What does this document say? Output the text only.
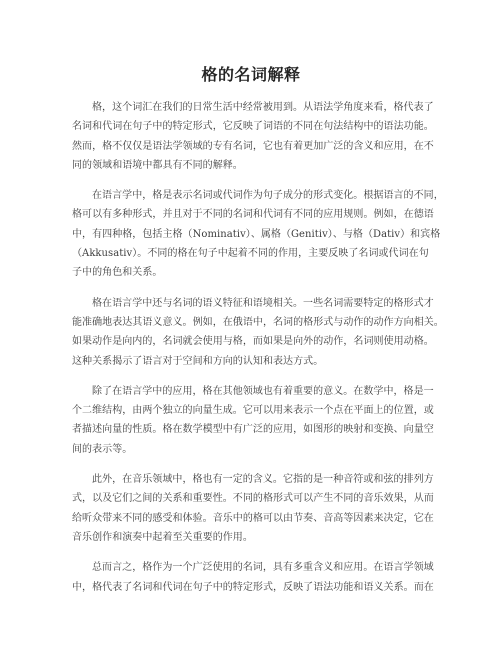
格的名词解释
格，这个词汇在我们的日常生活中经常被用到。从语法学角度来看，格代表了
名词和代词在句子中的特定形式，它反映了词语的不同在句法结构中的语法功能。
然而，格不仅仅是语法学领域的专有名词，它也有着更加广泛的含义和应用，在不
同的领域和语境中都具有不同的解释。
在语言学中，格是表示名词或代词作为句子成分的形式变化。根据语言的不同，
格可以有多种形式，并且对于不同的名词和代词有不同的应用规则。例如，在德语
中，有四种格，包括主格（Nominativ）、属格（Genitiv）、与格（Dativ）和宾格
（Akkusativ）。不同的格在句子中起着不同的作用，主要反映了名词或代词在句
子中的角色和关系。
格在语言学中还与名词的语义特征和语境相关。一些名词需要特定的格形式才
能准确地表达其语义意义。例如，在俄语中，名词的格形式与动作的动作方向相关。
如果动作是向内的，名词就会使用与格，而如果是向外的动作，名词则使用动格。
这种关系揭示了语言对于空间和方向的认知和表达方式。
除了在语言学中的应用，格在其他领域也有着重要的意义。在数学中，格是一
个二维结构，由两个独立的向量生成。它可以用来表示一个点在平面上的位置，或
者描述向量的性质。格在数学模型中有广泛的应用，如图形的映射和变换、向量空
间的表示等。
此外，在音乐领域中，格也有一定的含义。它指的是一种音符或和弦的排列方
式，以及它们之间的关系和重要性。不同的格形式可以产生不同的音乐效果，从而
给听众带来不同的感受和体验。音乐中的格可以由节奏、音高等因素来决定，它在
音乐创作和演奏中起着至关重要的作用。
总而言之，格作为一个广泛使用的名词，具有多重含义和应用。在语言学领域
中，格代表了名词和代词在句子中的特定形式，反映了语法功能和语义关系。而在
